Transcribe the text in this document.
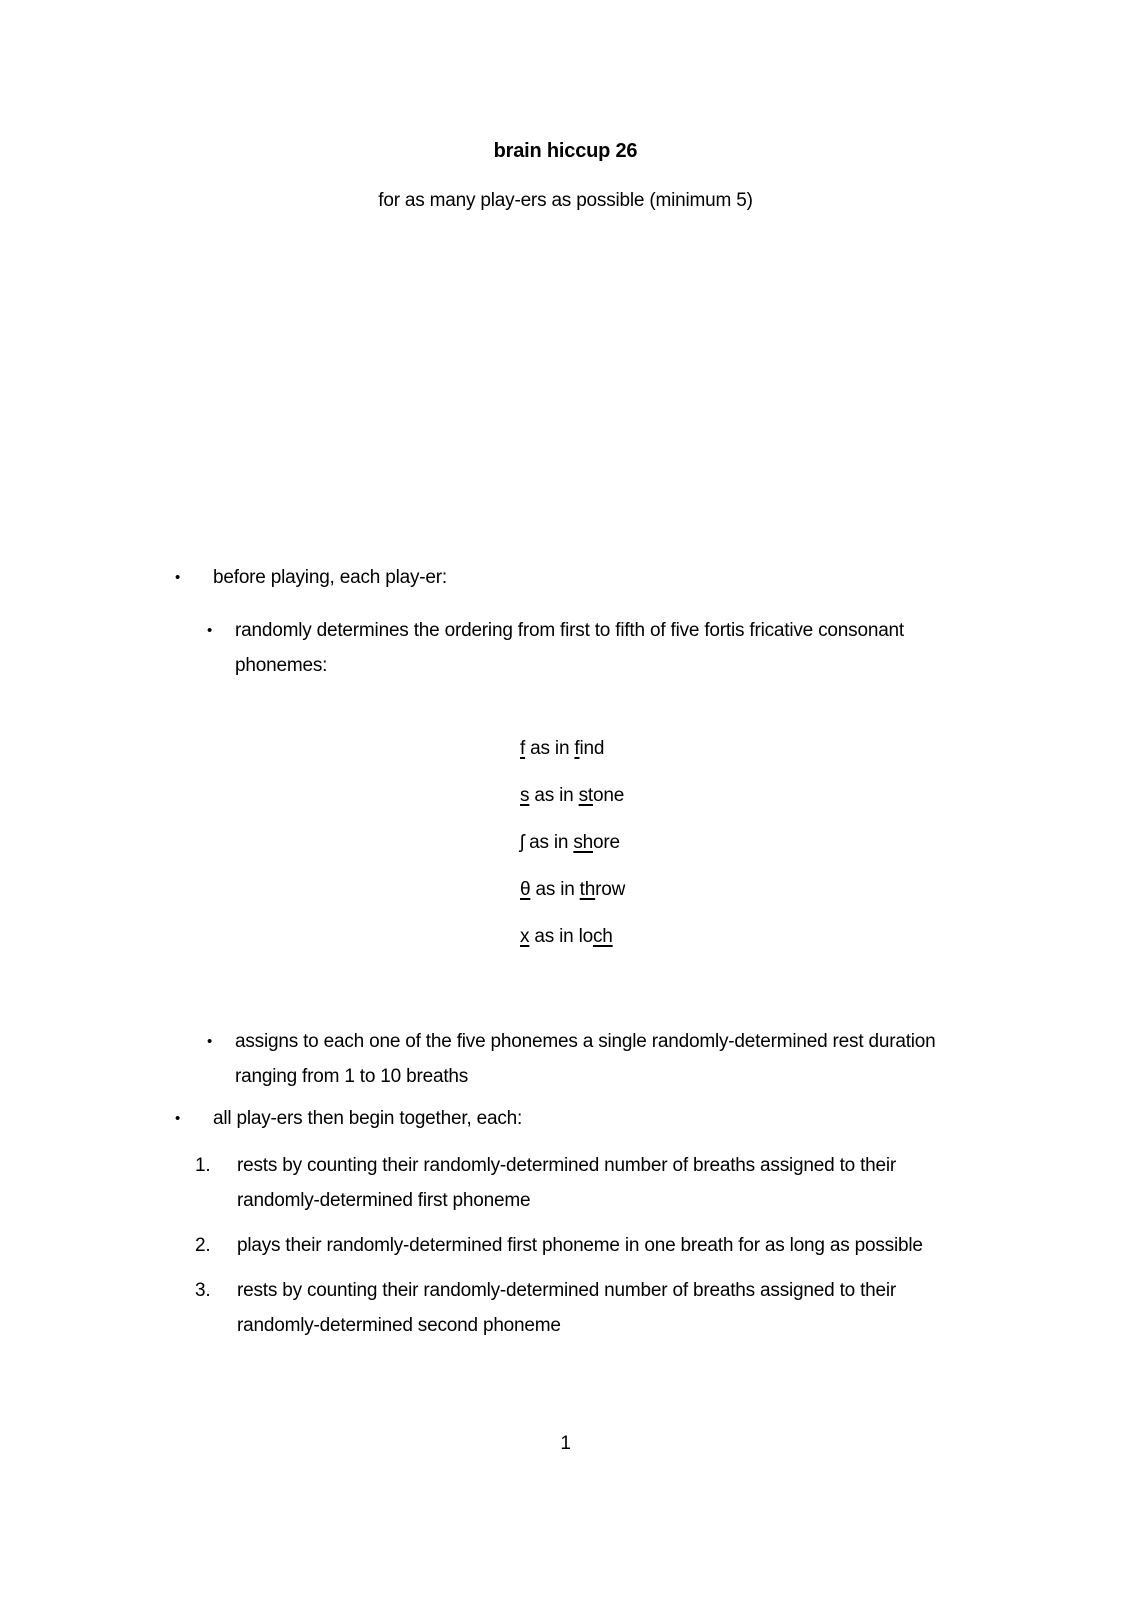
brain hiccup 26
for as many play-ers as possible (minimum 5)
•	before playing, each play-er:
•	randomly determines the ordering from first to fifth of five fortis fricative consonant
phonemes:
f as in find
s as in stone
ʃ as in shore
θ as in throw
x as in loch
•	assigns to each one of the five phonemes a single randomly-determined rest duration
ranging from 1 to 10 breaths
•	all play-ers then begin together, each:
1.	rests by counting their randomly-determined number of breaths assigned to their
randomly-determined first phoneme
2.	plays their randomly-determined first phoneme in one breath for as long as possible
3.	rests by counting their randomly-determined number of breaths assigned to their
randomly-determined second phoneme
1
